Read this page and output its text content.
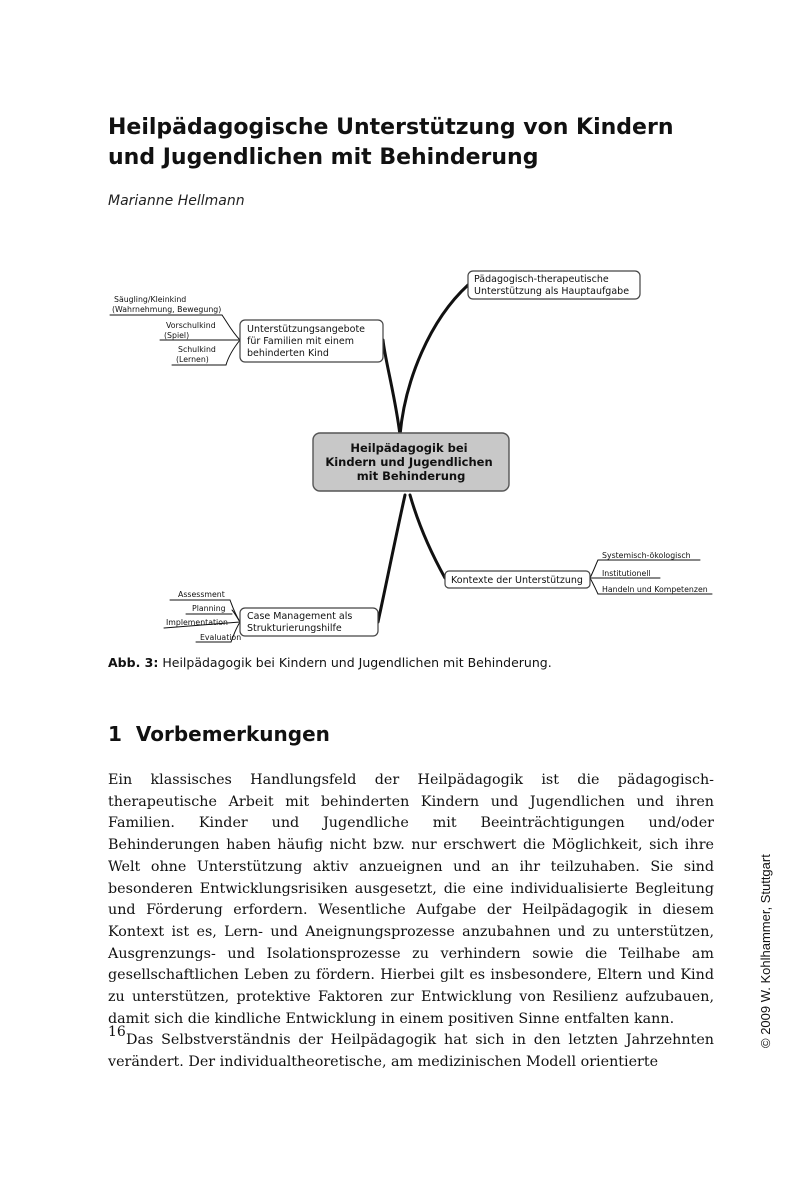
Heilpädagogische Unterstützung von Kindern und Jugendlichen mit Behinderung

Marianne Hellmann

Heilpädagogik bei Kindern und Jugendlichen mit Behinderung
Pädagogisch-therapeutische Unterstützung als Hauptaufgabe
Unterstützungsangebote für Familien mit einem behinderten Kind
Kontexte der Unterstützung
Case Management als Strukturierungshilfe
Säugling/Kleinkind (Wahrnehmung, Bewegung)
Vorschulkind (Spiel)
Schulkind (Lernen)
Systemisch-ökologisch
Institutionell
Handeln und Kompetenzen
Assessment
Planning
Implementation
Evaluation

Abb. 3: Heilpädagogik bei Kindern und Jugendlichen mit Behinderung.

1 Vorbemerkungen

Ein klassisches Handlungsfeld der Heilpädagogik ist die pädagogisch-therapeutische Arbeit mit behinderten Kindern und Jugendlichen und ihren Familien. Kinder und Jugendliche mit Beeinträchtigungen und/oder Behinderungen haben häufig nicht bzw. nur erschwert die Möglichkeit, sich ihre Welt ohne Unterstützung aktiv anzueignen und an ihr teilzuhaben. Sie sind besonderen Entwicklungsrisiken ausgesetzt, die eine individualisierte Begleitung und Förderung erfordern. Wesentliche Aufgabe der Heilpädagogik in diesem Kontext ist es, Lern- und Aneignungsprozesse anzubahnen und zu unterstützen, Ausgrenzungs- und Isolationsprozesse zu verhindern sowie die Teilhabe am gesellschaftlichen Leben zu fördern. Hierbei gilt es insbesondere, Eltern und Kind zu unterstützen, protektive Faktoren zur Entwicklung von Resilienz aufzubauen, damit sich die kindliche Entwicklung in einem positiven Sinne entfalten kann.

Das Selbstverständnis der Heilpädagogik hat sich in den letzten Jahrzehnten verändert. Der individualtheoretische, am medizinischen Modell orientierte

16	© 2009 W. Kohlhammer, Stuttgart
